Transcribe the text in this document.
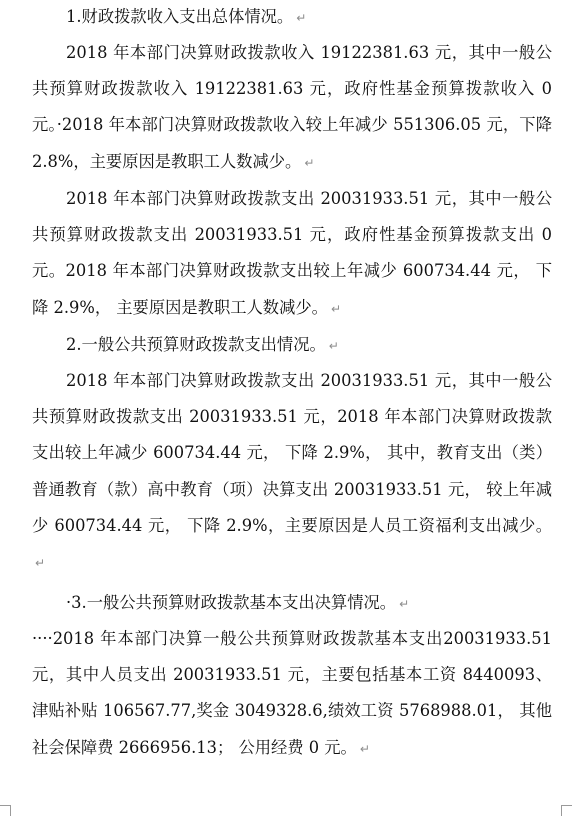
1.财政拨款收入支出总体情况。 ↵

2018 年本部门决算财政拨款收入 19122381.63 元，其中一般公共预算财政拨款收入 19122381.63 元，政府性基金预算拨款收入 0 元。·2018 年本部门决算财政拨款收入较上年减少 551306.05 元，下降 2.8%，主要原因是教职工人数减少。 ↵

2018 年本部门决算财政拨款支出 20031933.51 元，其中一般公共预算财政拨款支出 20031933.51 元，政府性基金预算拨款支出 0 元。2018 年本部门决算财政拨款支出较上年减少 600734.44 元， 下降 2.9%， 主要原因是教职工人数减少。 ↵

2.一般公共预算财政拨款支出情况。 ↵

2018 年本部门决算财政拨款支出 20031933.51 元，其中一般公共预算财政拨款支出 20031933.51 元，2018 年本部门决算财政拨款支出较上年减少 600734.44 元， 下降 2.9%， 其中，教育支出（类）普通教育（款）高中教育（项）决算支出 20031933.51 元， 较上年减少 600734.44 元， 下降 2.9%，主要原因是人员工资福利支出减少。↵

·3.一般公共预算财政拨款基本支出决算情况。 ↵

····2018 年本部门决算一般公共预算财政拨款基本支出20031933.51 元，其中人员支出 20031933.51 元，主要包括基本工资 8440093、津贴补贴 106567.77,奖金 3049328.6,绩效工资 5768988.01， 其他社会保障费 2666956.13； 公用经费 0 元。 ↵
